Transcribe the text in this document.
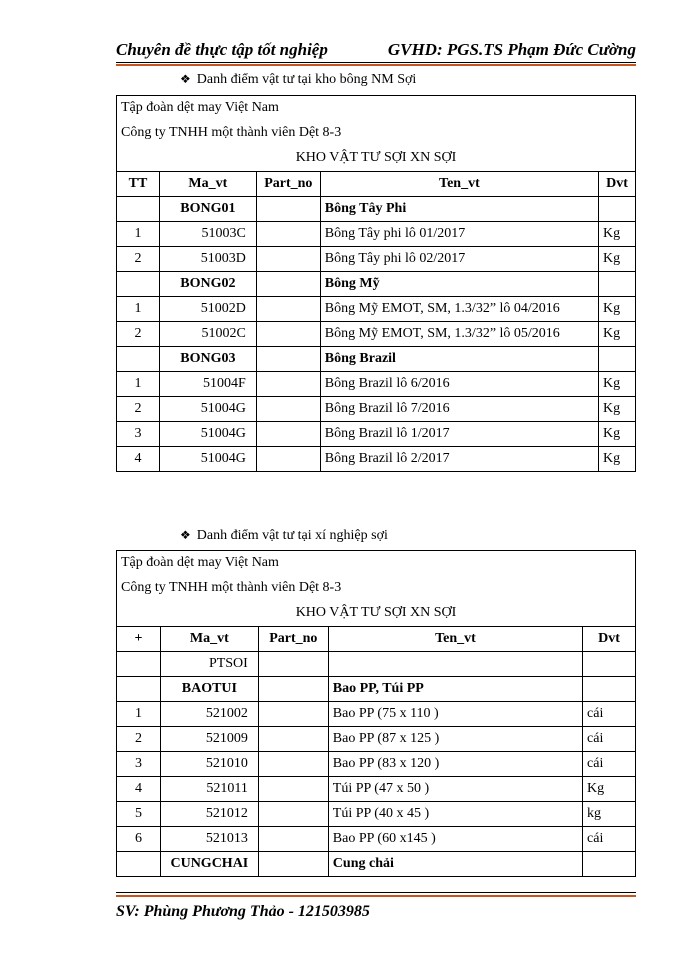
Chuyên đề thực tập tốt nghiệp	GVHD: PGS.TS Phạm Đức Cường
❖ Danh điểm vật tư tại kho bông NM Sợi
Tập đoàn dệt may Việt Nam				
Công ty TNHH một thành viên Dệt 8-3				
KHO VẬT TƯ SỢI XN SỢI				
TT	Ma_vt	Part_no	Ten_vt	Dvt
	BONG01		Bông Tây Phi	
1	51003C		Bông Tây phi lô 01/2017	Kg
2	51003D		Bông Tây phi lô 02/2017	Kg
	BONG02		Bông Mỹ	
1	51002D		Bông Mỹ EMOT, SM, 1.3/32” lô 04/2016	Kg
2	51002C		Bông Mỹ EMOT, SM, 1.3/32” lô 05/2016	Kg
	BONG03		Bông Brazil	
1	51004F		Bông Brazil lô 6/2016	Kg
2	51004G		Bông Brazil lô 7/2016	Kg
3	51004G		Bông Brazil lô 1/2017	Kg
4	51004G		Bông Brazil lô 2/2017	Kg
❖ Danh điểm vật tư tại xí nghiệp sợi
Tập đoàn dệt may Việt Nam				
Công ty TNHH một thành viên Dệt 8-3				
KHO VẬT TƯ SỢI XN SỢI				
+	Ma_vt	Part_no	Ten_vt	Dvt
	PTSOI			
	BAOTUI		Bao PP, Túi PP	
1	521002		Bao PP (75 x 110 )	cái
2	521009		Bao PP (87 x 125 )	cái
3	521010		Bao PP (83 x 120 )	cái
4	521011		Túi PP (47 x 50 )	Kg
5	521012		Túi PP (40 x 45 )	kg
6	521013		Bao PP (60 x145 )	cái
	CUNGCHAI		Cung chải	
SV: Phùng Phương Thảo - 121503985
